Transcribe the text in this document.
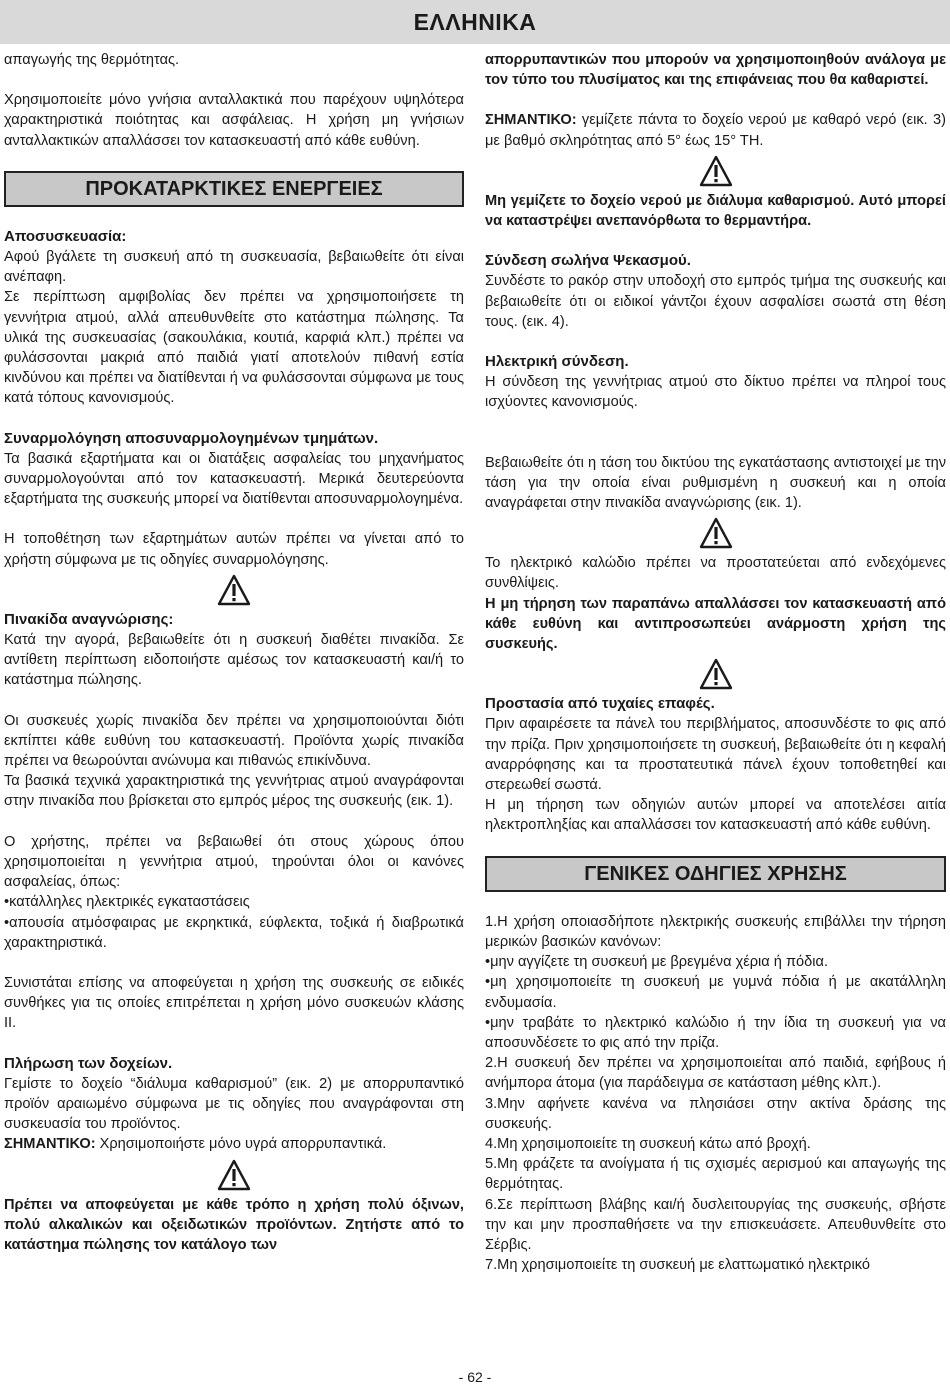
ΕΛΛΗΝΙΚΑ

απαγωγής της θερμότητας.

Χρησιμοποιείτε μόνο γνήσια ανταλλακτικά που παρέχουν υψηλότερα χαρακτηριστικά ποιότητας και ασφάλειας. Η χρήση μη γνήσιων ανταλλακτικών απαλλάσσει τον κατασκευαστή από κάθε ευθύνη.

ΠΡΟΚΑΤΑΡΚΤΙΚΕΣ ΕΝΕΡΓΕΙΕΣ
Αποσυσκευασία:

Αφού βγάλετε τη συσκευή από τη συσκευασία, βεβαιωθείτε ότι είναι ανέπαφη.

Σε περίπτωση αμφιβολίας δεν πρέπει να χρησιμοποιήσετε τη γεννήτρια ατμού, αλλά απευθυνθείτε στο κατάστημα πώλησης. Τα υλικά της συσκευασίας (σακουλάκια, κουτιά, καρφιά κλπ.) πρέπει να φυλάσσονται μακριά από παιδιά γιατί αποτελούν πιθανή εστία κινδύνου και πρέπει να διατίθενται ή να φυλάσσονται σύμφωνα με τους κατά τόπους κανονισμούς.

Συναρμολόγηση αποσυναρμολογημένων τμημάτων.

Τα βασικά εξαρτήματα και οι διατάξεις ασφαλείας του μηχανήματος συναρμολογούνται από τον κατασκευαστή. Μερικά δευτερεύοντα εξαρτήματα της συσκευής μπορεί να διατίθενται αποσυναρμολογημένα.

Η τοποθέτηση των εξαρτημάτων αυτών πρέπει να γίνεται από το χρήστη σύμφωνα με τις οδηγίες συναρμολόγησης.

Πινακίδα αναγνώρισης:

Κατά την αγορά, βεβαιωθείτε ότι η συσκευή διαθέτει πινακίδα. Σε αντίθετη περίπτωση ειδοποιήστε αμέσως τον κατασκευαστή και/ή το κατάστημα πώλησης.

Οι συσκευές χωρίς πινακίδα δεν πρέπει να χρησιμοποιούνται διότι εκπίπτει κάθε ευθύνη του κατασκευαστή. Προϊόντα χωρίς πινακίδα πρέπει να θεωρούνται ανώνυμα και πιθανώς επικίνδυνα.

Τα βασικά τεχνικά χαρακτηριστικά της γεννήτριας ατμού αναγράφονται στην πινακίδα που βρίσκεται στο εμπρός μέρος της συσκευής (εικ. 1).

Ο χρήστης, πρέπει να βεβαιωθεί ότι στους χώρους όπου χρησιμοποιείται η γεννήτρια ατμού, τηρούνται όλοι οι κανόνες ασφαλείας, όπως:

•κατάλληλες ηλεκτρικές εγκαταστάσεις

•απουσία ατμόσφαιρας με εκρηκτικά, εύφλεκτα, τοξικά ή διαβρωτικά χαρακτηριστικά.

Συνιστάται επίσης να αποφεύγεται η χρήση της συσκευής σε ειδικές συνθήκες για τις οποίες επιτρέπεται η χρήση μόνο συσκευών κλάσης ΙΙ.

Πλήρωση των δοχείων.

Γεμίστε το δοχείο “διάλυμα καθαρισμού” (εικ. 2) με απορρυπαντικό προϊόν αραιωμένο σύμφωνα με τις οδηγίες που αναγράφονται στη συσκευασία του προϊόντος.

ΣΗΜΑΝΤΙΚΟ: Χρησιμοποιήστε μόνο υγρά απορρυπαντικά.

Πρέπει να αποφεύγεται με κάθε τρόπο η χρήση πολύ όξινων, πολύ αλκαλικών και οξειδωτικών προϊόντων. Ζητήστε από το κατάστημα πώλησης τον κατάλογο των

απορρυπαντικών που μπορούν να χρησιμοποιηθούν ανάλογα με τον τύπο του πλυσίματος και της επιφάνειας που θα καθαριστεί.

ΣΗΜΑΝΤΙΚΟ: γεμίζετε πάντα το δοχείο νερού με καθαρό νερό (εικ. 3) με βαθμό σκληρότητας από 5° έως 15° ΤΗ.

Μη γεμίζετε το δοχείο νερού με διάλυμα καθαρισμού. Αυτό μπορεί να καταστρέψει ανεπανόρθωτα το θερμαντήρα.

Σύνδεση σωλήνα Ψεκασμού.

Συνδέστε το ρακόρ στην υποδοχή στο εμπρός τμήμα της συσκευής και βεβαιωθείτε ότι οι ειδικοί γάντζοι έχουν ασφαλίσει σωστά στη θέση τους. (εικ. 4).

Ηλεκτρική σύνδεση.

Η σύνδεση της γεννήτριας ατμού στο δίκτυο πρέπει να πληροί τους ισχύοντες κανονισμούς.

Βεβαιωθείτε ότι η τάση του δικτύου της εγκατάστασης αντιστοιχεί με την τάση για την οποία είναι ρυθμισμένη η συσκευή και η οποία αναγράφεται στην πινακίδα αναγνώρισης (εικ. 1).

Το ηλεκτρικό καλώδιο πρέπει να προστατεύεται από ενδεχόμενες συνθλίψεις.

Η μη τήρηση των παραπάνω απαλλάσσει τον κατασκευαστή από κάθε ευθύνη και αντιπροσωπεύει ανάρμοστη χρήση της συσκευής.

Προστασία από τυχαίες επαφές.

Πριν αφαιρέσετε τα πάνελ του περιβλήματος, αποσυνδέστε το φις από την πρίζα. Πριν χρησιμοποιήσετε τη συσκευή, βεβαιωθείτε ότι η κεφαλή αναρρόφησης και τα προστατευτικά πάνελ έχουν τοποθετηθεί και στερεωθεί σωστά.

Η μη τήρηση των οδηγιών αυτών μπορεί να αποτελέσει αιτία ηλεκτροπληξίας και απαλλάσσει τον κατασκευαστή από κάθε ευθύνη.

ΓΕΝΙΚΕΣ ΟΔΗΓΙΕΣ ΧΡΗΣΗΣ

1.Η χρήση οποιασδήποτε ηλεκτρικής συσκευής επιβάλλει την τήρηση μερικών βασικών κανόνων:

•μην αγγίζετε τη συσκευή με βρεγμένα χέρια ή πόδια.

•μη χρησιμοποιείτε τη συσκευή με γυμνά πόδια ή με ακατάλληλη ενδυμασία.

•μην τραβάτε το ηλεκτρικό καλώδιο ή την ίδια τη συσκευή για να αποσυνδέσετε το φις από την πρίζα.

2.Η συσκευή δεν πρέπει να χρησιμοποιείται από παιδιά, εφήβους ή ανήμπορα άτομα (για παράδειγμα σε κατάσταση μέθης κλπ.).

3.Μην αφήνετε κανένα να πλησιάσει στην ακτίνα δράσης της συσκευής.

4.Μη χρησιμοποιείτε τη συσκευή κάτω από βροχή.

5.Μη φράζετε τα ανοίγματα ή τις σχισμές αερισμού και απαγωγής της θερμότητας.

6.Σε περίπτωση βλάβης και/ή δυσλειτουργίας της συσκευής, σβήστε την και μην προσπαθήσετε να την επισκευάσετε. Απευθυνθείτε στο Σέρβις.

7.Μη χρησιμοποιείτε τη συσκευή με ελαττωματικό ηλεκτρικό

- 62 -
